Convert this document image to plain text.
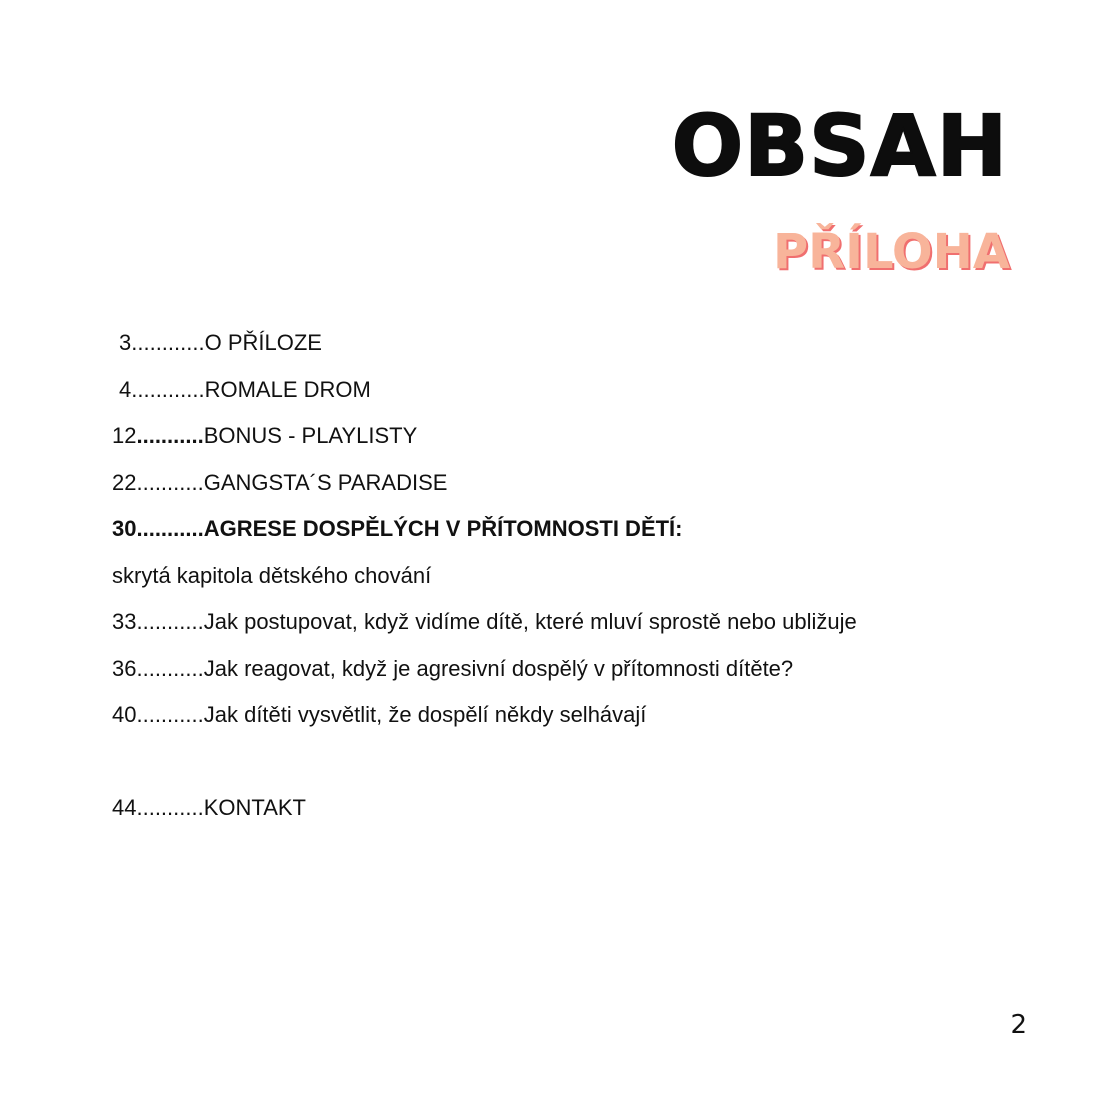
OBSAH
PŘÍLOHA
3............O PŘÍLOZE
4............ROMALE DROM
12...........BONUS - PLAYLISTY
22...........GANGSTA´S PARADISE
30...........AGRESE DOSPĚLÝCH V PŘÍTOMNOSTI DĚTÍ:
skrytá kapitola dětského chování
33...........Jak postupovat, když vidíme dítě, které mluví sprostě nebo ubližuje
36...........Jak reagovat, když je agresivní dospělý v přítomnosti dítěte?
40...........Jak dítěti vysvětlit, že dospělí někdy selhávají
44...........KONTAKT
2
